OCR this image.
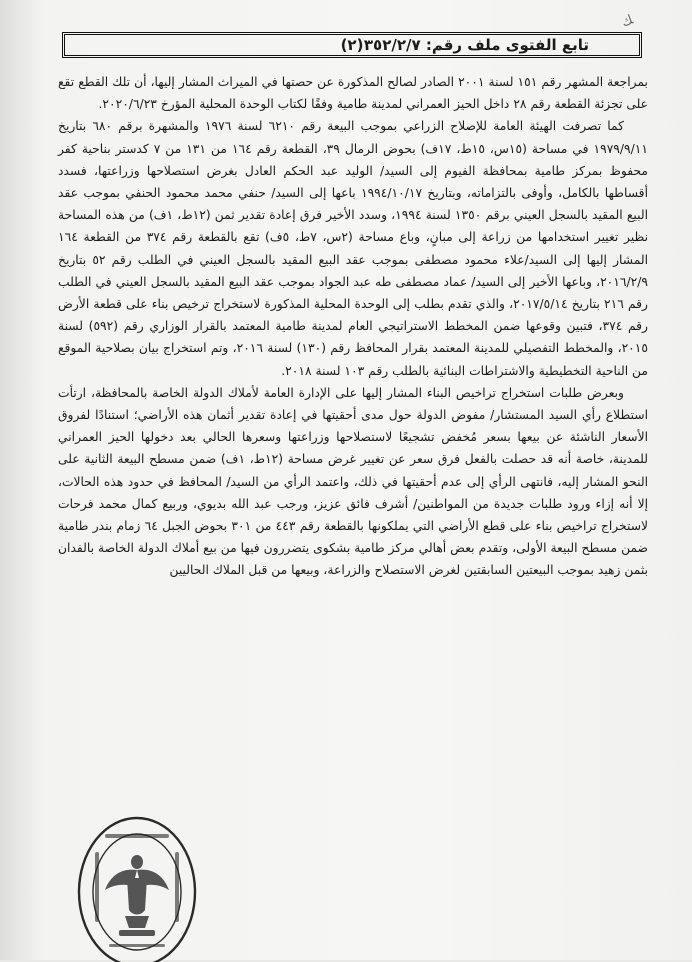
ﻚ
تابع الفتوى ملف رقم: ٣٥٢/٢/٧
(٢)

بمراجعة المشهر رقم ١٥١ لسنة ٢٠٠١ الصادر لصالح المذكورة عن حصتها في الميراث المشار إليها، أن تلك القطع تقع على تجزئة القطعة رقم ٢٨ داخل الحيز العمراني لمدينة طامية وفقًا لكتاب الوحدة المحلية المؤرخ ٢٠٢٠/٦/٢٣.

كما تصرفت الهيئة العامة للإصلاح الزراعي بموجب البيعة رقم ٦٢١٠ لسنة ١٩٧٦ والمشهرة برقم ٦٨٠ بتاريخ ١٩٧٩/٩/١١ في مساحة (١٥س، ١٥ط، ١٧ف) بحوض الرمال ٣٩، القطعة رقم ١٦٤ من ١٣١ من ٧ كدستر بناحية كفر محفوظ بمركز طامية بمحافظة الفيوم إلى السيد/ الوليد عبد الحكم العادل بغرض استصلاحها وزراعتها، فسدد أقساطها بالكامل، وأوفى بالتزاماته، وبتاريخ ١٩٩٤/١٠/١٧ باعها إلى السيد/ حنفي محمد محمود الحنفي بموجب عقد البيع المقيد بالسجل العيني برقم ١٣٥٠ لسنة ١٩٩٤، وسدد الأخير فرق إعادة تقدير ثمن (١٢ط، ١ف) من هذه المساحة نظير تغيير استخدامها من زراعة إلى مبانٍ، وباع مساحة (٢س، ٧ط، ٥ف) تقع بالقطعة رقم ٣٧٤ من القطعة ١٦٤ المشار إليها إلى السيد/علاء محمود مصطفى بموجب عقد البيع المقيد بالسجل العيني في الطلب رقم ٥٢ بتاريخ ٢٠١٦/٢/٩، وباعها الأخير إلى السيد/ عماد مصطفى طه عبد الجواد بموجب عقد البيع المقيد بالسجل العيني في الطلب رقم ٢١٦ بتاريخ ٢٠١٧/٥/١٤، والذي تقدم بطلب إلى الوحدة المحلية المذكورة لاستخراج ترخيص بناء على قطعة الأرض رقم ٣٧٤، فتبين وقوعها ضمن المخطط الاستراتيجي العام لمدينة طامية المعتمد بالقرار الوزاري رقم (٥٩٢) لسنة ٢٠١٥، والمخطط التفصيلي للمدينة المعتمد بقرار المحافظ رقم (١٣٠) لسنة ٢٠١٦، وتم استخراج بيان بصلاحية الموقع من الناحية التخطيطية والاشتراطات البنائية بالطلب رقم ١٠٣ لسنة ٢٠١٨.

وبعرض طلبات استخراج تراخيص البناء المشار إليها على الإدارة العامة لأملاك الدولة الخاصة بالمحافظة، ارتأت استطلاع رأي السيد المستشار/ مفوض الدولة حول مدى أحقيتها في إعادة تقدير أثمان هذه الأراضي؛ استنادًا لفروق الأسعار الناشئة عن بيعها بسعر مُخفض تشجيعًا لاستصلاحها وزراعتها وسعرها الحالي بعد دخولها الحيز العمراني للمدينة، خاصة أنه قد حصلت بالفعل فرق سعر عن تغيير غرض مساحة (١٢ط، ١ف) ضمن مسطح البيعة الثانية على النحو المشار إليه، فانتهى الرأي إلى عدم أحقيتها في ذلك، واعتمد الرأي من السيد/ المحافظ في حدود هذه الحالات، إلا أنه إزاء ورود طلبات جديدة من المواطنين/ أشرف فائق عزيز، ورجب عبد الله بديوي، وربيع كمال محمد فرحات لاستخراج تراخيص بناء على قطع الأراضي التي يملكونها بالقطعة رقم ٤٤٣ من ٣٠١ بحوض الجبل ٦٤ زمام بندر طامية ضمن مسطح البيعة الأولى، وتقدم بعض أهالي مركز طامية بشكوى يتضررون فيها من بيع أملاك الدولة الخاصة بالفدان بثمن زهيد بموجب البيعتين السابقتين لغرض الاستصلاح والزراعة، وبيعها من قبل الملاك الحاليين
